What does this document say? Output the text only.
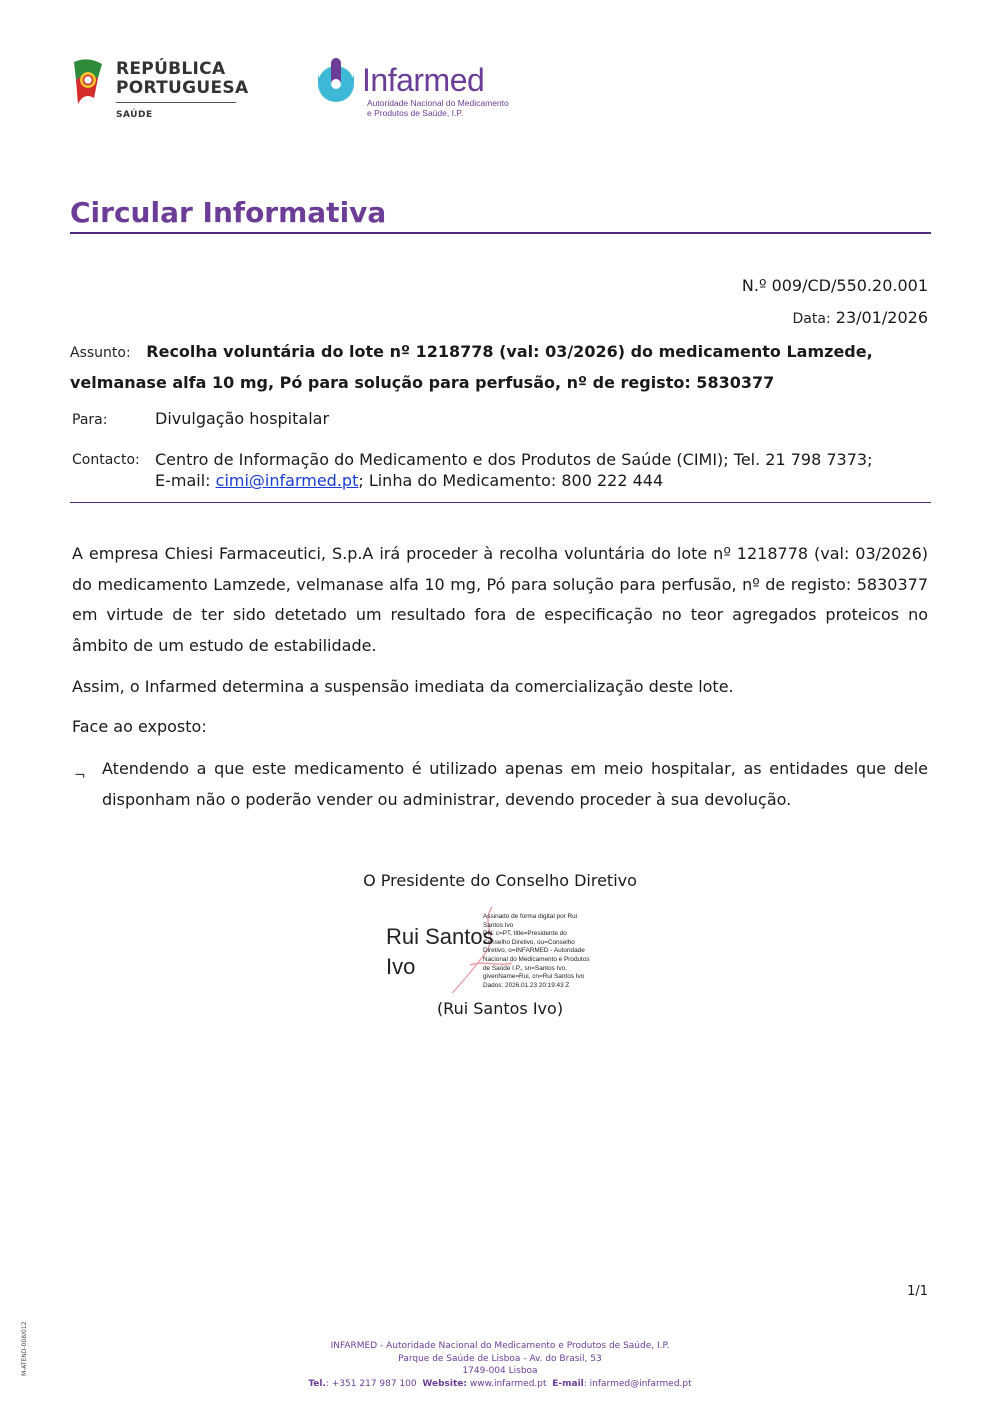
REPÚBLICA
PORTUGUESA
SAÚDE
Infarmed
Autoridade Nacional do Medicamento
e Produtos de Saúde, I.P.
Circular Informativa
N.º 009/CD/550.20.001
Data: 23/01/2026
Assunto: Recolha voluntária do lote nº 1218778 (val: 03/2026) do medicamento Lamzede, velmanase alfa 10 mg, Pó para solução para perfusão, nº de registo: 5830377
Para:	Divulgação hospitalar
Contacto: Centro de Informação do Medicamento e dos Produtos de Saúde (CIMI); Tel. 21 798 7373;
E-mail: cimi@infarmed.pt; Linha do Medicamento: 800 222 444
A empresa Chiesi Farmaceutici, S.p.A irá proceder à recolha voluntária do lote nº 1218778 (val: 03/2026) do medicamento Lamzede, velmanase alfa 10 mg, Pó para solução para perfusão, nº de registo: 5830377 em virtude de ter sido detetado um resultado fora de especificação no teor agregados proteicos no âmbito de um estudo de estabilidade.
Assim, o Infarmed determina a suspensão imediata da comercialização deste lote.
Face ao exposto:
¬ Atendendo a que este medicamento é utilizado apenas em meio hospitalar, as entidades que dele disponham não o poderão vender ou administrar, devendo proceder à sua devolução.
O Presidente do Conselho Diretivo
Rui Santos
Ivo
Assinado de forma digital por Rui
Santos Ivo
DN: c=PT, title=Presidente do
Conselho Diretivo, ou=Conselho
Diretivo, o=INFARMED - Autoridade
Nacional do Medicamento e Produtos
de Saúde I.P., sn=Santos Ivo,
givenName=Rui, cn=Rui Santos Ivo
Dados: 2026.01.23 20:19:43 Z
(Rui Santos Ivo)
1/1
M-ATEND-008/012	INFARMED - Autoridade Nacional do Medicamento e Produtos de Saúde, I.P.
Parque de Saúde de Lisboa - Av. do Brasil, 53
1749-004 Lisboa
Tel.: +351 217 987 100 Website: www.infarmed.pt E-mail: infarmed@infarmed.pt
